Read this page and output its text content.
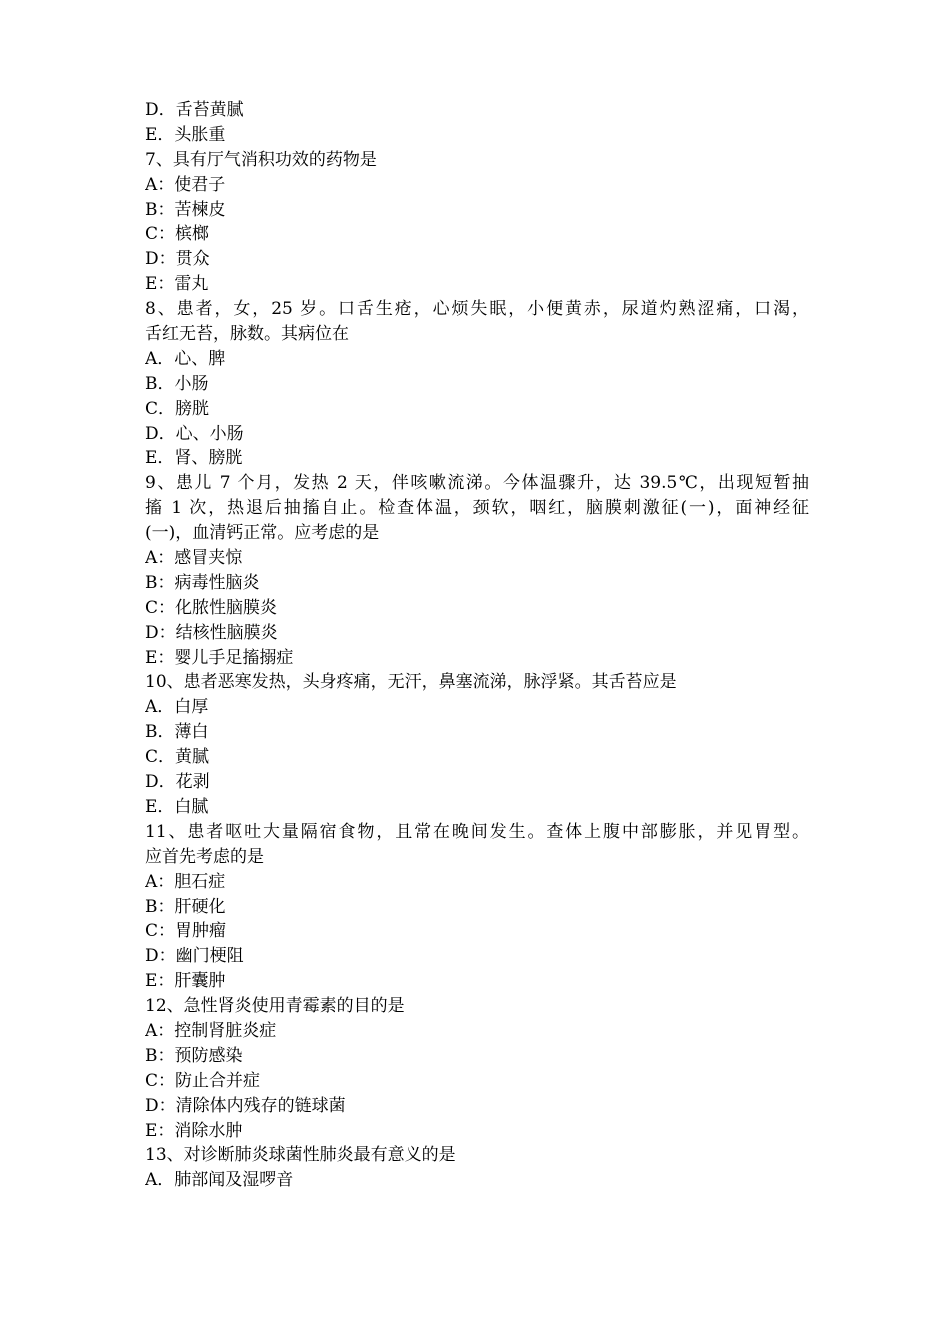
D．舌苔黄腻
E．头胀重
7、具有厅气消积功效的药物是
A：使君子
B：苦楝皮
C：槟榔
D：贯众
E：雷丸
8、患者，女，25 岁。口舌生疮，心烦失眠，小便黄赤，尿道灼熟涩痛，口渴，
舌红无苔，脉数。其病位在
A．心、脾
B．小肠
C．膀胱
D．心、小肠
E．肾、膀胱
9、患儿 7 个月，发热 2 天，伴咳嗽流涕。今体温骤升，达 39.5℃，出现短暂抽
搐 1 次，热退后抽搐自止。检查体温，颈软，咽红，脑膜刺激征(一)，面神经征
(一)，血清钙正常。应考虑的是
A：感冒夹惊
B：病毒性脑炎
C：化脓性脑膜炎
D：结核性脑膜炎
E：婴儿手足搐搦症
10、患者恶寒发热，头身疼痛，无汗，鼻塞流涕，脉浮紧。其舌苔应是
A．白厚
B．薄白
C．黄腻
D．花剥
E．白腻
11、患者呕吐大量隔宿食物，且常在晚间发生。查体上腹中部膨胀，并见胃型。
应首先考虑的是
A：胆石症
B：肝硬化
C：胃肿瘤
D：幽门梗阻
E：肝囊肿
12、急性肾炎使用青霉素的目的是
A：控制肾脏炎症
B：预防感染
C：防止合并症
D：清除体内残存的链球菌
E：消除水肿
13、对诊断肺炎球菌性肺炎最有意义的是
A．肺部闻及湿啰音
